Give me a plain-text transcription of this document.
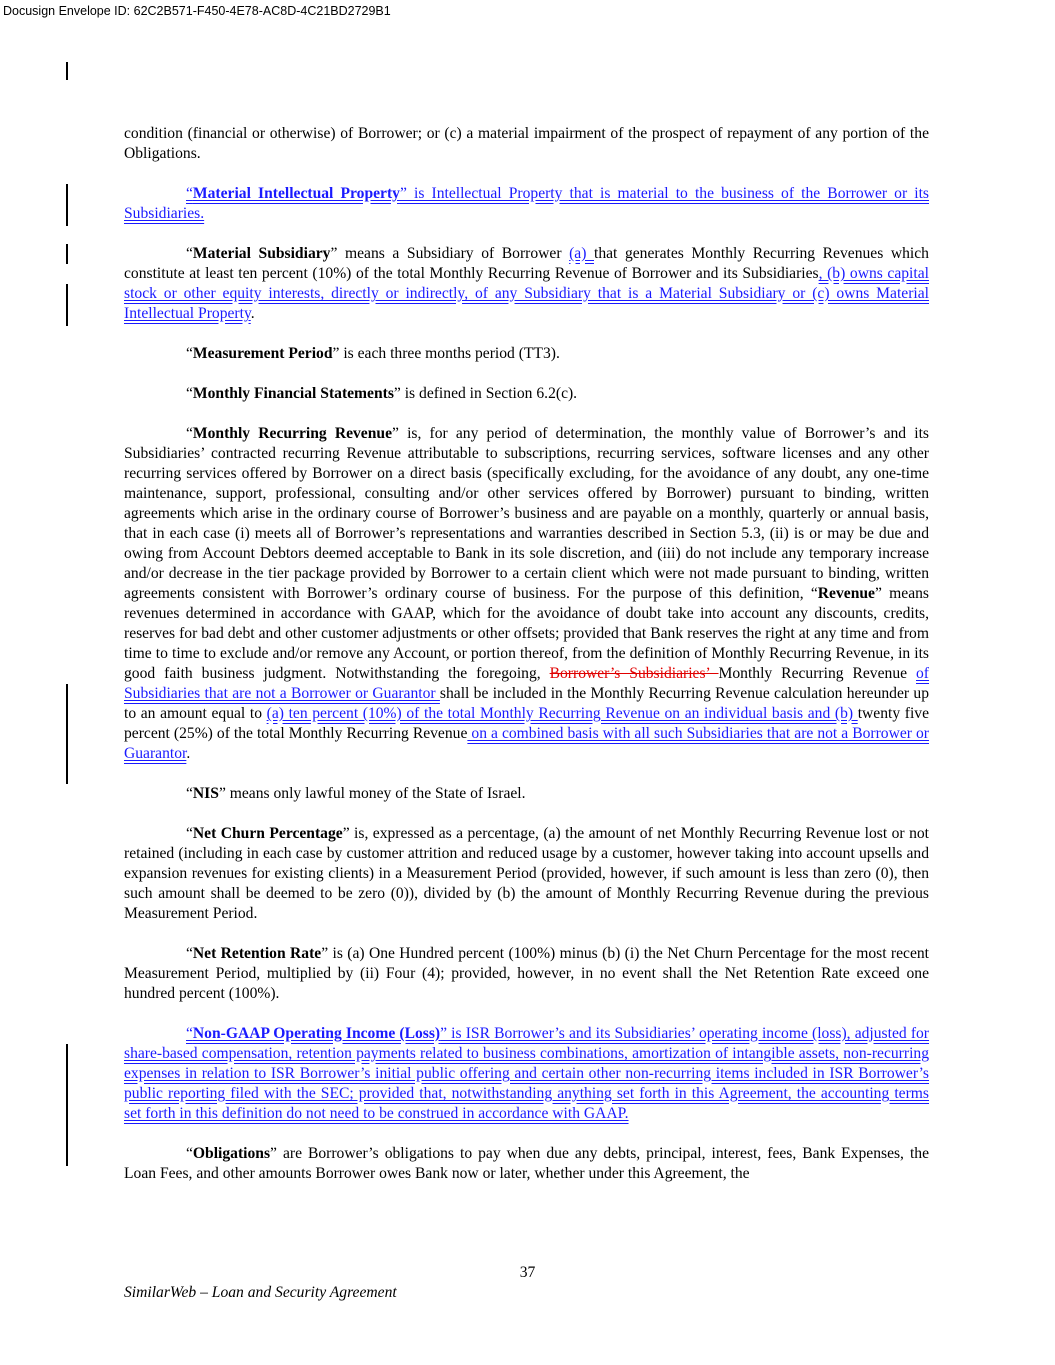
Docusign Envelope ID: 62C2B571-F450-4E78-AC8D-4C21BD2729B1

condition (financial or otherwise) of Borrower; or (c) a material impairment of the prospect of repayment of any portion of the Obligations.

“Material Intellectual Property” is Intellectual Property that is material to the business of the Borrower or its Subsidiaries.

“Material Subsidiary” means a Subsidiary of Borrower (a) that generates Monthly Recurring Revenues which constitute at least ten percent (10%) of the total Monthly Recurring Revenue of Borrower and its Subsidiaries, (b) owns capital stock or other equity interests, directly or indirectly, of any Subsidiary that is a Material Subsidiary or (c) owns Material Intellectual Property.

“Measurement Period” is each three months period (TT3).

“Monthly Financial Statements” is defined in Section 6.2(c).

“Monthly Recurring Revenue” is, for any period of determination, the monthly value of Borrower’s and its Subsidiaries’ contracted recurring Revenue attributable to subscriptions, recurring services, software licenses and any other recurring services offered by Borrower on a direct basis (specifically excluding, for the avoidance of any doubt, any one-time maintenance, support, professional, consulting and/or other services offered by Borrower) pursuant to binding, written agreements which arise in the ordinary course of Borrower’s business and are payable on a monthly, quarterly or annual basis, that in each case (i) meets all of Borrower’s representations and warranties described in Section 5.3, (ii) is or may be due and owing from Account Debtors deemed acceptable to Bank in its sole discretion, and (iii) do not include any temporary increase and/or decrease in the tier package provided by Borrower to a certain client which were not made pursuant to binding, written agreements consistent with Borrower’s ordinary course of business. For the purpose of this definition, “Revenue” means revenues determined in accordance with GAAP, which for the avoidance of doubt take into account any discounts, credits, reserves for bad debt and other customer adjustments or other offsets; provided that Bank reserves the right at any time and from time to time to exclude and/or remove any Account, or portion thereof, from the definition of Monthly Recurring Revenue, in its good faith business judgment. Notwithstanding the foregoing, Borrower’s Subsidiaries’ Monthly Recurring Revenue of Subsidiaries that are not a Borrower or Guarantor shall be included in the Monthly Recurring Revenue calculation hereunder up to an amount equal to (a) ten percent (10%) of the total Monthly Recurring Revenue on an individual basis and (b) twenty five percent (25%) of the total Monthly Recurring Revenue on a combined basis with all such Subsidiaries that are not a Borrower or Guarantor.

“NIS” means only lawful money of the State of Israel.

“Net Churn Percentage” is, expressed as a percentage, (a) the amount of net Monthly Recurring Revenue lost or not retained (including in each case by customer attrition and reduced usage by a customer, however taking into account upsells and expansion revenues for existing clients) in a Measurement Period (provided, however, if such amount is less than zero (0), then such amount shall be deemed to be zero (0)), divided by (b) the amount of Monthly Recurring Revenue during the previous Measurement Period.

“Net Retention Rate” is (a) One Hundred percent (100%) minus (b) (i) the Net Churn Percentage for the most recent Measurement Period, multiplied by (ii) Four (4); provided, however, in no event shall the Net Retention Rate exceed one hundred percent (100%).

“Non-GAAP Operating Income (Loss)” is ISR Borrower’s and its Subsidiaries’ operating income (loss), adjusted for share-based compensation, retention payments related to business combinations, amortization of intangible assets, non-recurring expenses in relation to ISR Borrower’s initial public offering and certain other non-recurring items included in ISR Borrower’s public reporting filed with the SEC; provided that, notwithstanding anything set forth in this Agreement, the accounting terms set forth in this definition do not need to be construed in accordance with GAAP.

“Obligations” are Borrower’s obligations to pay when due any debts, principal, interest, fees, Bank Expenses, the Loan Fees, and other amounts Borrower owes Bank now or later, whether under this Agreement, the

37
SimilarWeb – Loan and Security Agreement
